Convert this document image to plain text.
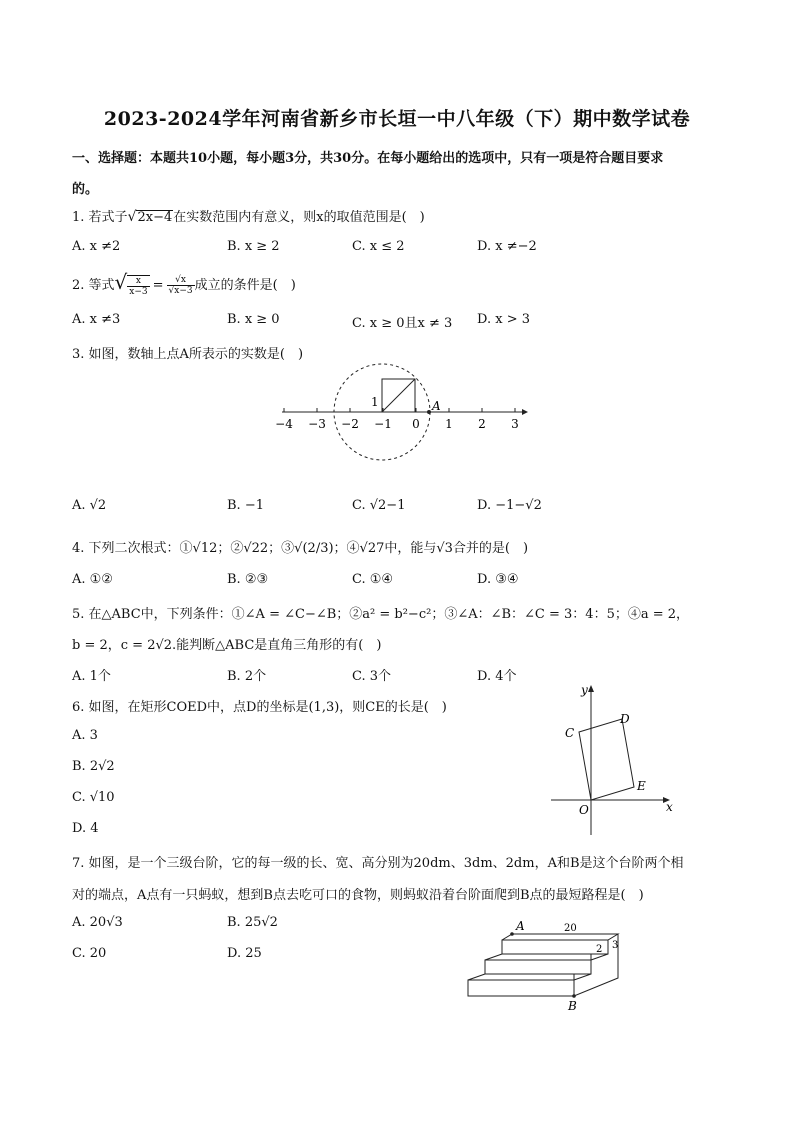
2023-2024学年河南省新乡市长垣一中八年级（下）期中数学试卷
一、选择题：本题共10小题，每小题3分，共30分。在每小题给出的选项中，只有一项是符合题目要求
的。
1. 若式子√2x−4在实数范围内有意义，则x的取值范围是(　)
A. x ≠2	B. x ≥ 2	C. x ≤ 2	D. x ≠−2
2. 等式√ $\frac{x}{x-3} = \frac{√x}{√x-3}$ 成立的条件是(　)
A. x ≠3	B. x ≥ 0	C. x ≥ 0且x ≠ 3 D. x > 3
3. 如图，数轴上点A所表示的实数是(　)
−4 −3 −2 −1 0 1 2 3
1	A
A. √2	B. −1	C. √2−1	D. −1−√2
4. 下列二次根式：①√12；②√22；③√(2/3)；④√27中，能与√3合并的是(　)
A. ①②	B. ②③	C. ①④	D. ③④
5. 在△ABC中，下列条件：①∠A = ∠C−∠B；②a² = b²−c²；③∠A：∠B：∠C = 3：4：5；④a = 2，
b = 2，c = 2√2.能判断△ABC是直角三角形的有(　)
A. 1个	B. 2个	C. 3个	D. 4个
6. 如图，在矩形COED中，点D的坐标是(1,3)，则CE的长是(　)
A. 3
B. 2√2
C. √10
D. 4
y
x
C
D
E
O
7. 如图，是一个三级台阶，它的每一级的长、宽、高分别为20dm、3dm、2dm，A和B是这个台阶两个相
对的端点，A点有一只蚂蚁，想到B点去吃可口的食物，则蚂蚁沿着台阶面爬到B点的最短路程是(　)
A. 20√3	B. 25√2
C. 20	D. 25
A
B
20
2 3
